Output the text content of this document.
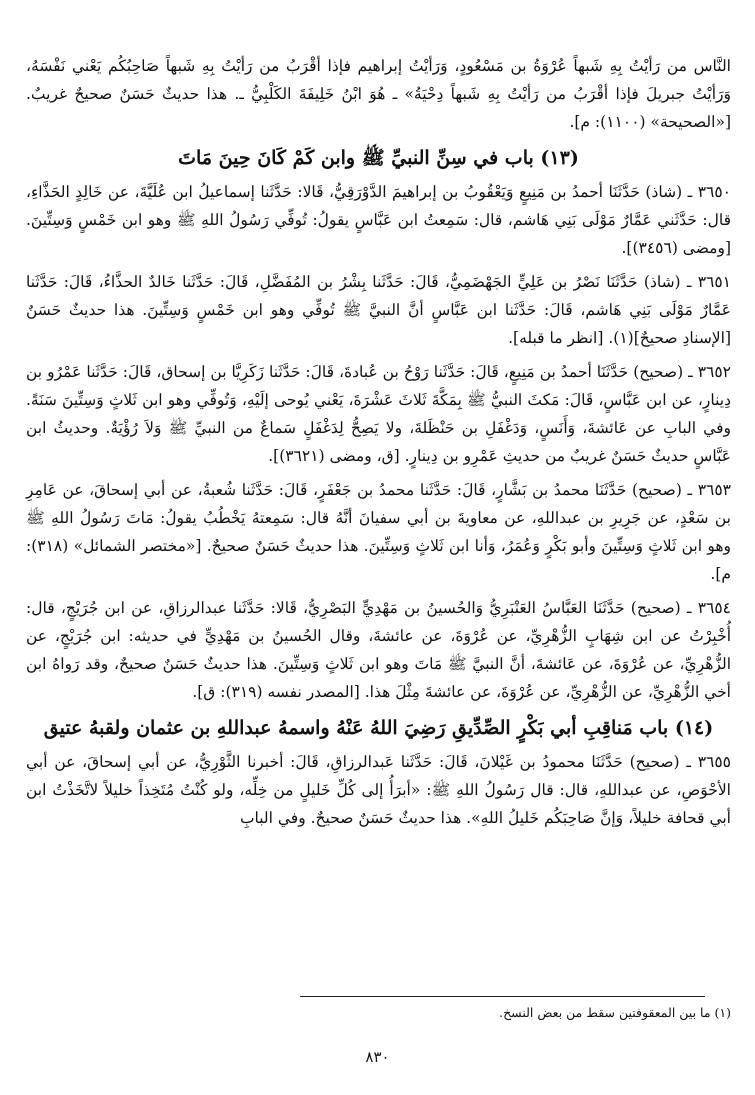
النَّاس من رَأيْتُ بِهِ شَبهاً عُرْوَةُ بن مَسْعُودٍ، وَرَأيْتُ إبراهيم فإذا أقْرَبُ من رَأيْتُ بِهِ شَبهاً صَاحِبُكُم يَعْني نَفْسَهُ، وَرَأيْتُ جبريلَ فإذا أقْرَبُ من رَأيْتُ بِهِ شَبهاً دِحْيَةُ» ـ هُوَ ابْنُ خَلِيفَةَ الكَلْبِيُّ ـ. هذا حديثٌ حَسَنٌ صحيحٌ غريبٌ. [«الصحيحة» (١١٠٠): م].

(١٣) باب في سِنِّ النبيِّ ﷺ وابن كَمْ كَانَ حِينَ مَاتَ

٣٦٥٠ ـ (شاذ) حَدَّثَنَا أحمدُ بن مَنِيعٍ وَيَعْقُوبُ بن إبراهيمَ الدَّوْرَقِيُّ، قَالا: حَدَّثَنا إسماعيلُ ابن عُلَيَّةَ، عن خَالِدٍ الحَذَّاءِ، قال: حَدَّثَني عَمَّارٌ مَوْلَى بَنِي هَاشم، قال: سَمِعتُ ابن عَبَّاسٍ يقولُ: تُوفِّي رَسُولُ اللهِ ﷺ وهو ابن خَمْسٍ وَسِتِّينَ. [ومضى (٣٤٥٦)].

٣٦٥١ ـ (شاذ) حَدَّثَنَا نَصْرُ بن عَلِيٍّ الجَهْضَمِيُّ، قَالَ: حَدَّثَنا بِشْرُ بن المُفَضَّلِ، قَالَ: حَدَّثَنا خَالدٌ الحذَّاءُ، قَالَ: حَدَّثَنا عَمَّارٌ مَوْلَى بَنِي هَاشم، قَالَ: حَدَّثَنا ابن عَبَّاسٍ أنَّ النبيَّ ﷺ تُوفِّي وهو ابن خَمْسٍ وَسِتِّينَ. هذا حديثٌ حَسَنٌ [الإسنادِ صحيحٌ](١). [انظر ما قبله].

٣٦٥٢ ـ (صحيح) حَدَّثَنَا أحمدُ بن مَنِيعٍ، قَالَ: حَدَّثَنا رَوْحُ بن عُبادةَ، قَالَ: حَدَّثَنا زَكَرِيَّا بن إسحاق، قَالَ: حَدَّثَنا عَمْرُو بن دِينارٍ، عن ابن عَبَّاسٍ، قَالَ: مَكثَ النبيُّ ﷺ بِمَكَّةَ ثَلاثَ عَشْرَةَ، يَعْني يُوحى إلَيْهِ، وَتُوفِّي وهو ابن ثَلاثٍ وَسِتِّينَ سَنَةً. وفي البابِ عن عَائشةَ، وَأَنَسٍ، وَدَغْفَلِ بن حَنْظَلةَ، ولا يَصِحُّ لِدَغْفَلٍ سَماعٌ من النبيِّ ﷺ وَلاَ رُؤْيَةٌ. وحديثُ ابن عَبَّاسٍ حديثٌ حَسَنٌ غريبٌ من حديثِ عَمْرِو بن دِينارٍ. [ق، ومضى (٣٦٢١)].

٣٦٥٣ ـ (صحيح) حَدَّثَنَا محمدُ بن بَشَّارٍ، قَالَ: حَدَّثَنا محمدُ بن جَعْفَرٍ، قَالَ: حَدَّثَنا شُعبةُ، عن أبي إسحاقَ، عن عَامِرِ بن سَعْدٍ، عن جَرِيرِ بن عبداللهِ، عن معاويةَ بن أبي سفيانَ أنَّهُ قال: سَمِعتهُ يَخْطُبُ يقولُ: مَاتَ رَسُولُ اللهِ ﷺ وهو ابن ثَلاثٍ وَسِتِّينَ وأبو بَكْرٍ وَعُمَرُ، وَأنا ابن ثَلاثٍ وَسِتِّينَ. هذا حديثٌ حَسَنٌ صحيحٌ. [«مختصر الشمائل» (٣١٨): م].

٣٦٥٤ ـ (صحيح) حَدَّثَنَا العَبَّاسُ العَنْبَرِيُّ وَالحُسينُ بن مَهْدِيٍّ البَصْرِيُّ، قَالا: حَدَّثَنا عبدالرزاقِ، عن ابن جُرَيْجٍ، قال: أُخْبِرْتُ عن ابن شِهَابٍ الزُّهْرِيِّ، عن عُرْوَةَ، عن عائشةَ، وقال الحُسينُ بن مَهْدِيٍّ في حديثه: ابن جُرَيْجٍ، عن الزُّهْرِيِّ، عن عُرْوَةَ، عن عَائشةَ، أنَّ النبيَّ ﷺ مَاتَ وهو ابن ثَلاثٍ وَسِتِّينَ. هذا حديثٌ حَسَنٌ صحيحٌ، وقد رَواهُ ابن أخي الزُّهْرِيِّ، عن الزُّهْرِيِّ، عن عُرْوَةَ، عن عائشةَ مِثْلَ هذا. [المصدر نفسه (٣١٩): ق].

(١٤) باب مَناقِبِ أبي بَكْرٍ الصِّدِّيقِ رَضِيَ اللهُ عَنْهُ واسمهُ عبداللهِ بن عثمان ولقبهُ عتيق

٣٦٥٥ ـ (صحيح) حَدَّثَنَا محمودُ بن غَيْلانَ، قَالَ: حَدَّثَنا عَبدالرزاقِ، قَالَ: أخبرنا الثَّوْرِيُّ، عن أبي إسحاقَ، عن أبي الأحْوَصِ، عن عبداللهِ، قال: قال رَسُولُ اللهِ ﷺ: «أبرَأُ إلى كُلِّ خَليلٍ من خِلِّه، ولو كُنْتُ مُتَخِذاً خليلاً لاتَّخَذْتُ ابن أبي قحافة خليلاً، وَإنَّ صَاحِبَكُم خَليلُ اللهِ». هذا حديثٌ حَسَنٌ صحيحٌ. وفي البابِ

(١) ما بين المعقوفتين سقط من بعض النسخ.
٨٣٠
